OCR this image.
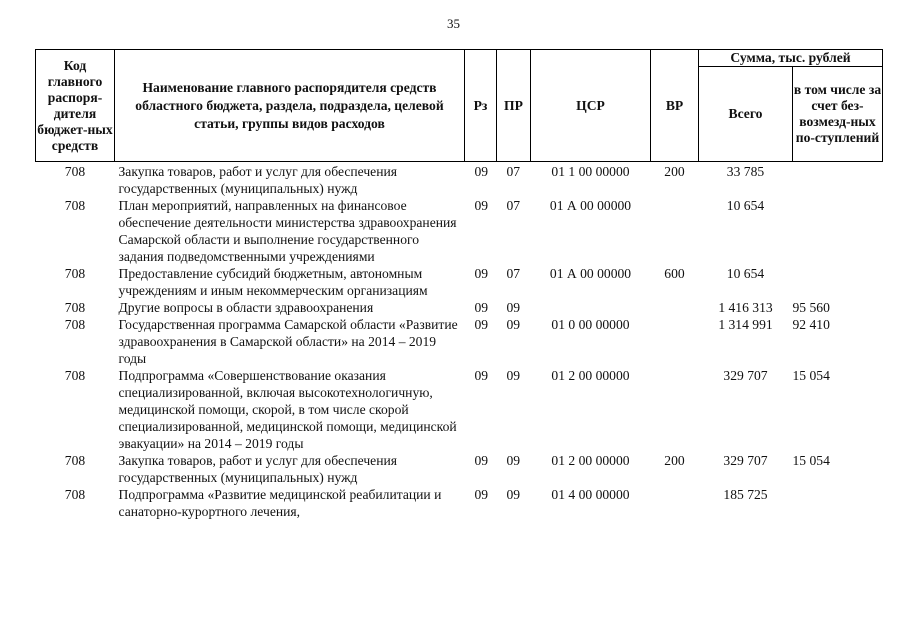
35
Код главного распоря-дителя бюджет-ных средств	Наименование главного распорядителя средств областного бюджета, раздела, подраздела, целевой статьи, группы видов расходов	Рз	ПР	ЦСР	ВР	Сумма, тыс. рублей	
						Всего	в том числе за счет без-возмезд-ных по-ступлений
708	Закупка товаров, работ и услуг для обеспечения государственных (муниципальных) нужд	09	07	01 1 00 00000	200	33 785	
708	План мероприятий, направленных на финансовое обеспечение деятельности министерства здравоохранения Самарской области и выполнение государственного задания подведомственными учреждениями	09	07	01 А 00 00000		10 654	
708	Предоставление субсидий бюджетным, автономным учреждениям и иным некоммерческим организациям	09	07	01 А 00 00000	600	10 654	
708	Другие вопросы в области здравоохранения	09	09			1 416 313	95 560
708	Государственная программа Самарской области «Развитие здравоохранения в Самарской области» на 2014 – 2019 годы	09	09	01 0 00 00000		1 314 991	92 410
708	Подпрограмма «Совершенствование оказания специализированной, включая высокотехнологичную, медицинской помощи, скорой, в том числе скорой специализированной, медицинской помощи, медицинской эвакуации» на 2014 – 2019 годы	09	09	01 2 00 00000		329 707	15 054
708	Закупка товаров, работ и услуг для обеспечения государственных (муниципальных) нужд	09	09	01 2 00 00000	200	329 707	15 054
708	Подпрограмма «Развитие медицинской реабилитации и санаторно-курортного лечения,	09	09	01 4 00 00000		185 725	
